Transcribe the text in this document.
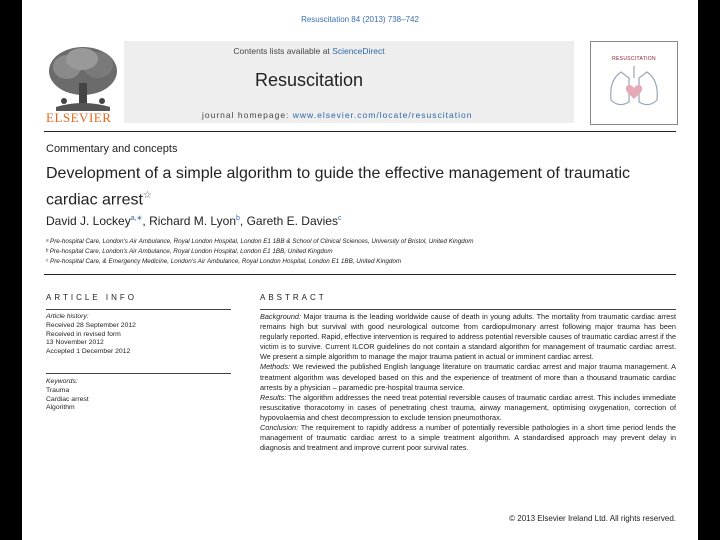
Resuscitation 84 (2013) 738–742
ELSEVIER
Contents lists available at ScienceDirect
Resuscitation
journal homepage: www.elsevier.com/locate/resuscitation
RESUSCITATION
Commentary and concepts
Development of a simple algorithm to guide the effective management of traumatic cardiac arrest☆
David J. Lockey$^{a,∗}$, Richard M. Lyon$^b$, Gareth E. Davies$^c$
ᵃ Pre-hospital Care, London's Air Ambulance, Royal London Hospital, London E1 1BB & School of Clinical Sciences, University of Bristol, United Kingdom
ᵇ Pre-hospital Care, London's Air Ambulance, Royal London Hospital, London E1 1BB, United Kingdom
ᶜ Pre-hospital Care, & Emergency Medicine, London's Air Ambulance, Royal London Hospital, London E1 1BB, United Kingdom
ARTICLE INFO	ABSTRACT
Article history:
Received 28 September 2012
Received in revised form
13 November 2012
Accepted 1 December 2012
Keywords:
Trauma
Cardiac arrest
Algorithm

Background: Major trauma is the leading worldwide cause of death in young adults. The mortality from traumatic cardiac arrest remains high but survival with good neurological outcome from cardiopulmonary arrest following major trauma has been regularly reported. Rapid, effective intervention is required to address potential reversible causes of traumatic cardiac arrest if the victim is to survive. Current ILCOR guidelines do not contain a standard algorithm for management of traumatic cardiac arrest. We present a simple algorithm to manage the major trauma patient in actual or imminent cardiac arrest.

Methods: We reviewed the published English language literature on traumatic cardiac arrest and major trauma management. A treatment algorithm was developed based on this and the experience of treatment of more than a thousand traumatic cardiac arrests by a physician – paramedic pre-hospital trauma service.

Results: The algorithm addresses the need treat potential reversible causes of traumatic cardiac arrest. This includes immediate resuscitative thoracotomy in cases of penetrating chest trauma, airway management, optimising oxygenation, correction of hypovolaemia and chest decompression to exclude tension pneumothorax.

Conclusion: The requirement to rapidly address a number of potentially reversible pathologies in a short time period lends the management of traumatic cardiac arrest to a simple treatment algorithm. A standardised approach may prevent delay in diagnosis and treatment and improve current poor survival rates.

© 2013 Elsevier Ireland Ltd. All rights reserved.
